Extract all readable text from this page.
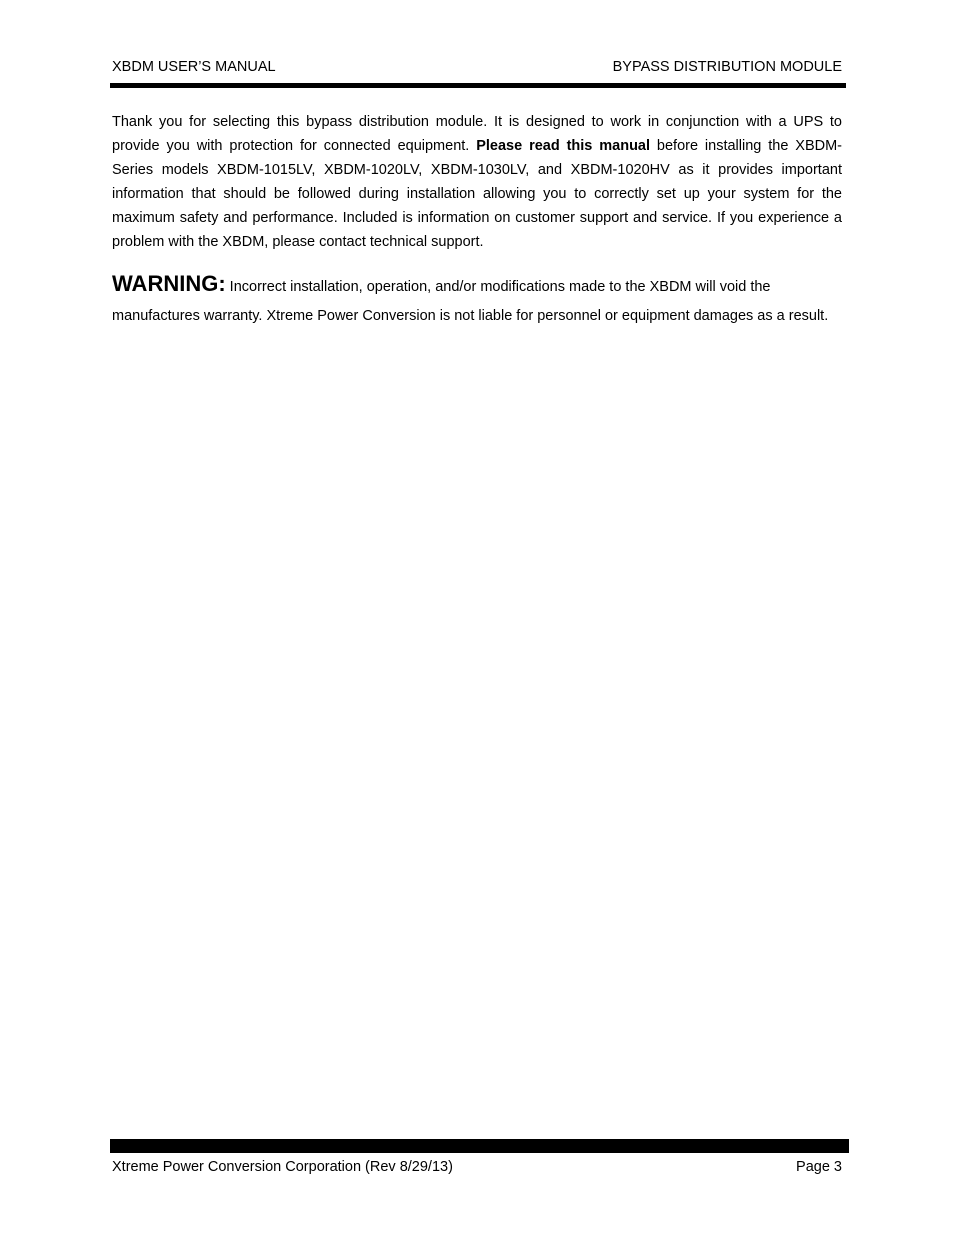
XBDM USER’S MANUAL	BYPASS DISTRIBUTION MODULE

Thank you for selecting this bypass distribution module. It is designed to work in conjunction with a UPS to provide you with protection for connected equipment. Please read this manual before installing the XBDM-Series models XBDM-1015LV, XBDM-1020LV, XBDM-1030LV, and XBDM-1020HV as it provides important information that should be followed during installation allowing you to correctly set up your system for the maximum safety and performance. Included is information on customer support and service. If you experience a problem with the XBDM, please contact technical support.

WARNING: Incorrect installation, operation, and/or modifications made to the XBDM will void the
manufactures warranty. Xtreme Power Conversion is not liable for personnel or equipment damages as a result.

Xtreme Power Conversion Corporation (Rev 8/29/13)	Page 3
